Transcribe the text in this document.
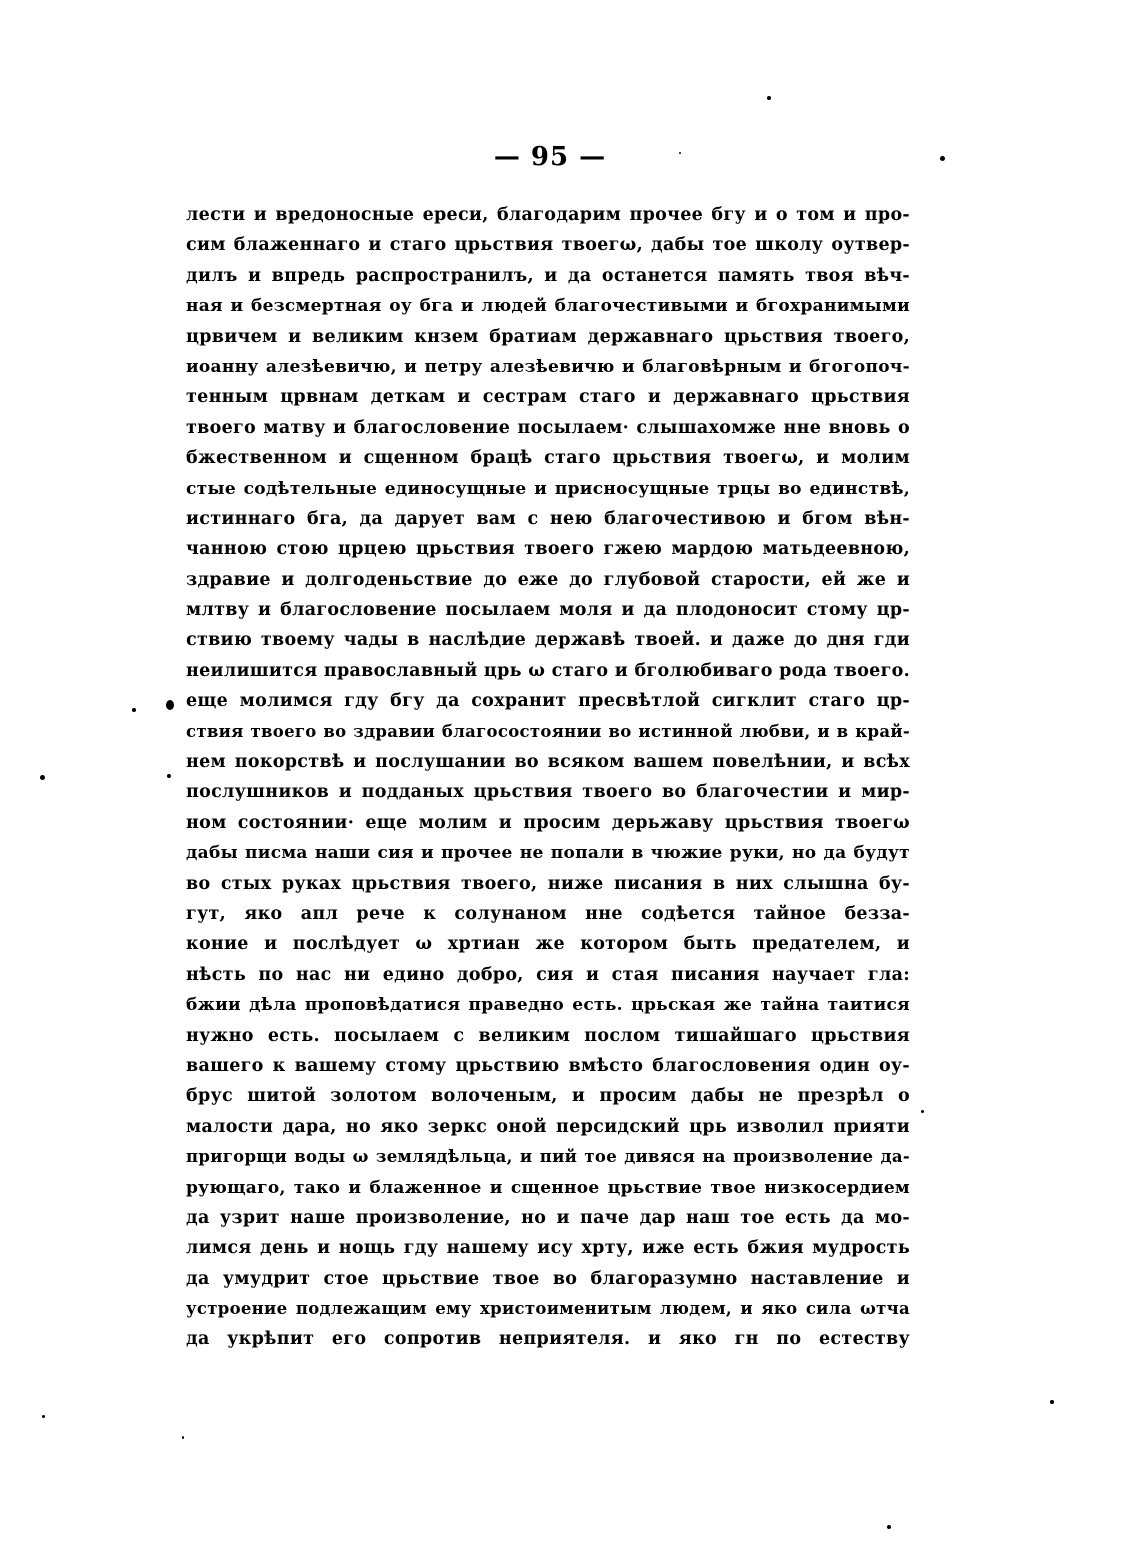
— 95 —
лести и вредоносные ереси, благодарим прочее бгу и о том и про-
сим блаженнаго и стаго црьствия твоегω, дабы тое школу оутвер-
дилъ и впредь распространилъ, и да останется память твоя вѣч-
ная и безсмертная оу бга и людей благочестивыми и бгохранимыми
црвичем и великим кнзем братиам державнаго црьствия твоего,
иоанну алезѣевичю, и петру алезѣевичю и благовѣрным и бгогопоч-
тенным црвнам деткам и сестрам стаго и державнаго црьствия
твоего матву и благословение посылаем· слышахомже нне вновь о
бжественном и сщенном брацѣ стаго црьствия твоегω, и молим
стые содѣтельные единосущные и присносущные трцы во единствѣ,
истиннаго бга, да дарует вам с нею благочестивою и бгом вѣн-
чанною стою црцею црьствия твоего гжею мардою матьдеевною,
здравие и долгоденьствие до еже до глубовой старости, ей же и
млтву и благословение посылаем моля и да плодоносит стому цр-
ствию твоему чады в наслѣдие державѣ твоей. и даже до дня гди
неилишится православный црь ω стаго и бголюбиваго рода твоего.
еще молимся гду бгу да сохранит пресвѣтлой сигклит стаго цр-
ствия твоего во здравии благосостоянии во истинной любви, и в край-
нем покорствѣ и послушании во всяком вашем повелѣнии, и всѣх
послушников и подданых црьствия твоего во благочестии и мир-
ном состоянии· еще молим и просим дерьжаву црьствия твоегω
дабы писма наши сия и прочее не попали в чюжие руки, но да будут
во стых руках црьствия твоего, ниже писания в них слышна бу-
гут, яко апл рече к солунаном нне содѣется тайное безза-
коние и послѣдует ω хртиан же котором быть предателем, и
нѣсть по нас ни едино добро, сия и стая писания научает гла:
бжии дѣла проповѣдатися праведно есть. црьская же тайна таитися
нужно есть. посылаем с великим послом тишайшаго црьствия
вашего к вашему стому црьствию вмѣсто благословения один оу-
брус шитой золотом волоченым, и просим дабы не презрѣл о
малости дара, но яко зеркс оной персидский црь изволил прияти
пригорщи воды ω землядѣльца, и пий тое дивяся на произволение да-
рующаго, тако и блаженное и сщенное црьствие твое низкосердием
да узрит наше произволение, но и паче дар наш тое есть да мо-
лимся день и нощь гду нашему ису хрту, иже есть бжия мудрость
да умудрит стое црьствие твое во благоразумно наставление и
устроение подлежащим ему христоименитым людем, и яко сила ωтча
да укрѣпит его сопротив неприятеля. и яко гн по естеству
